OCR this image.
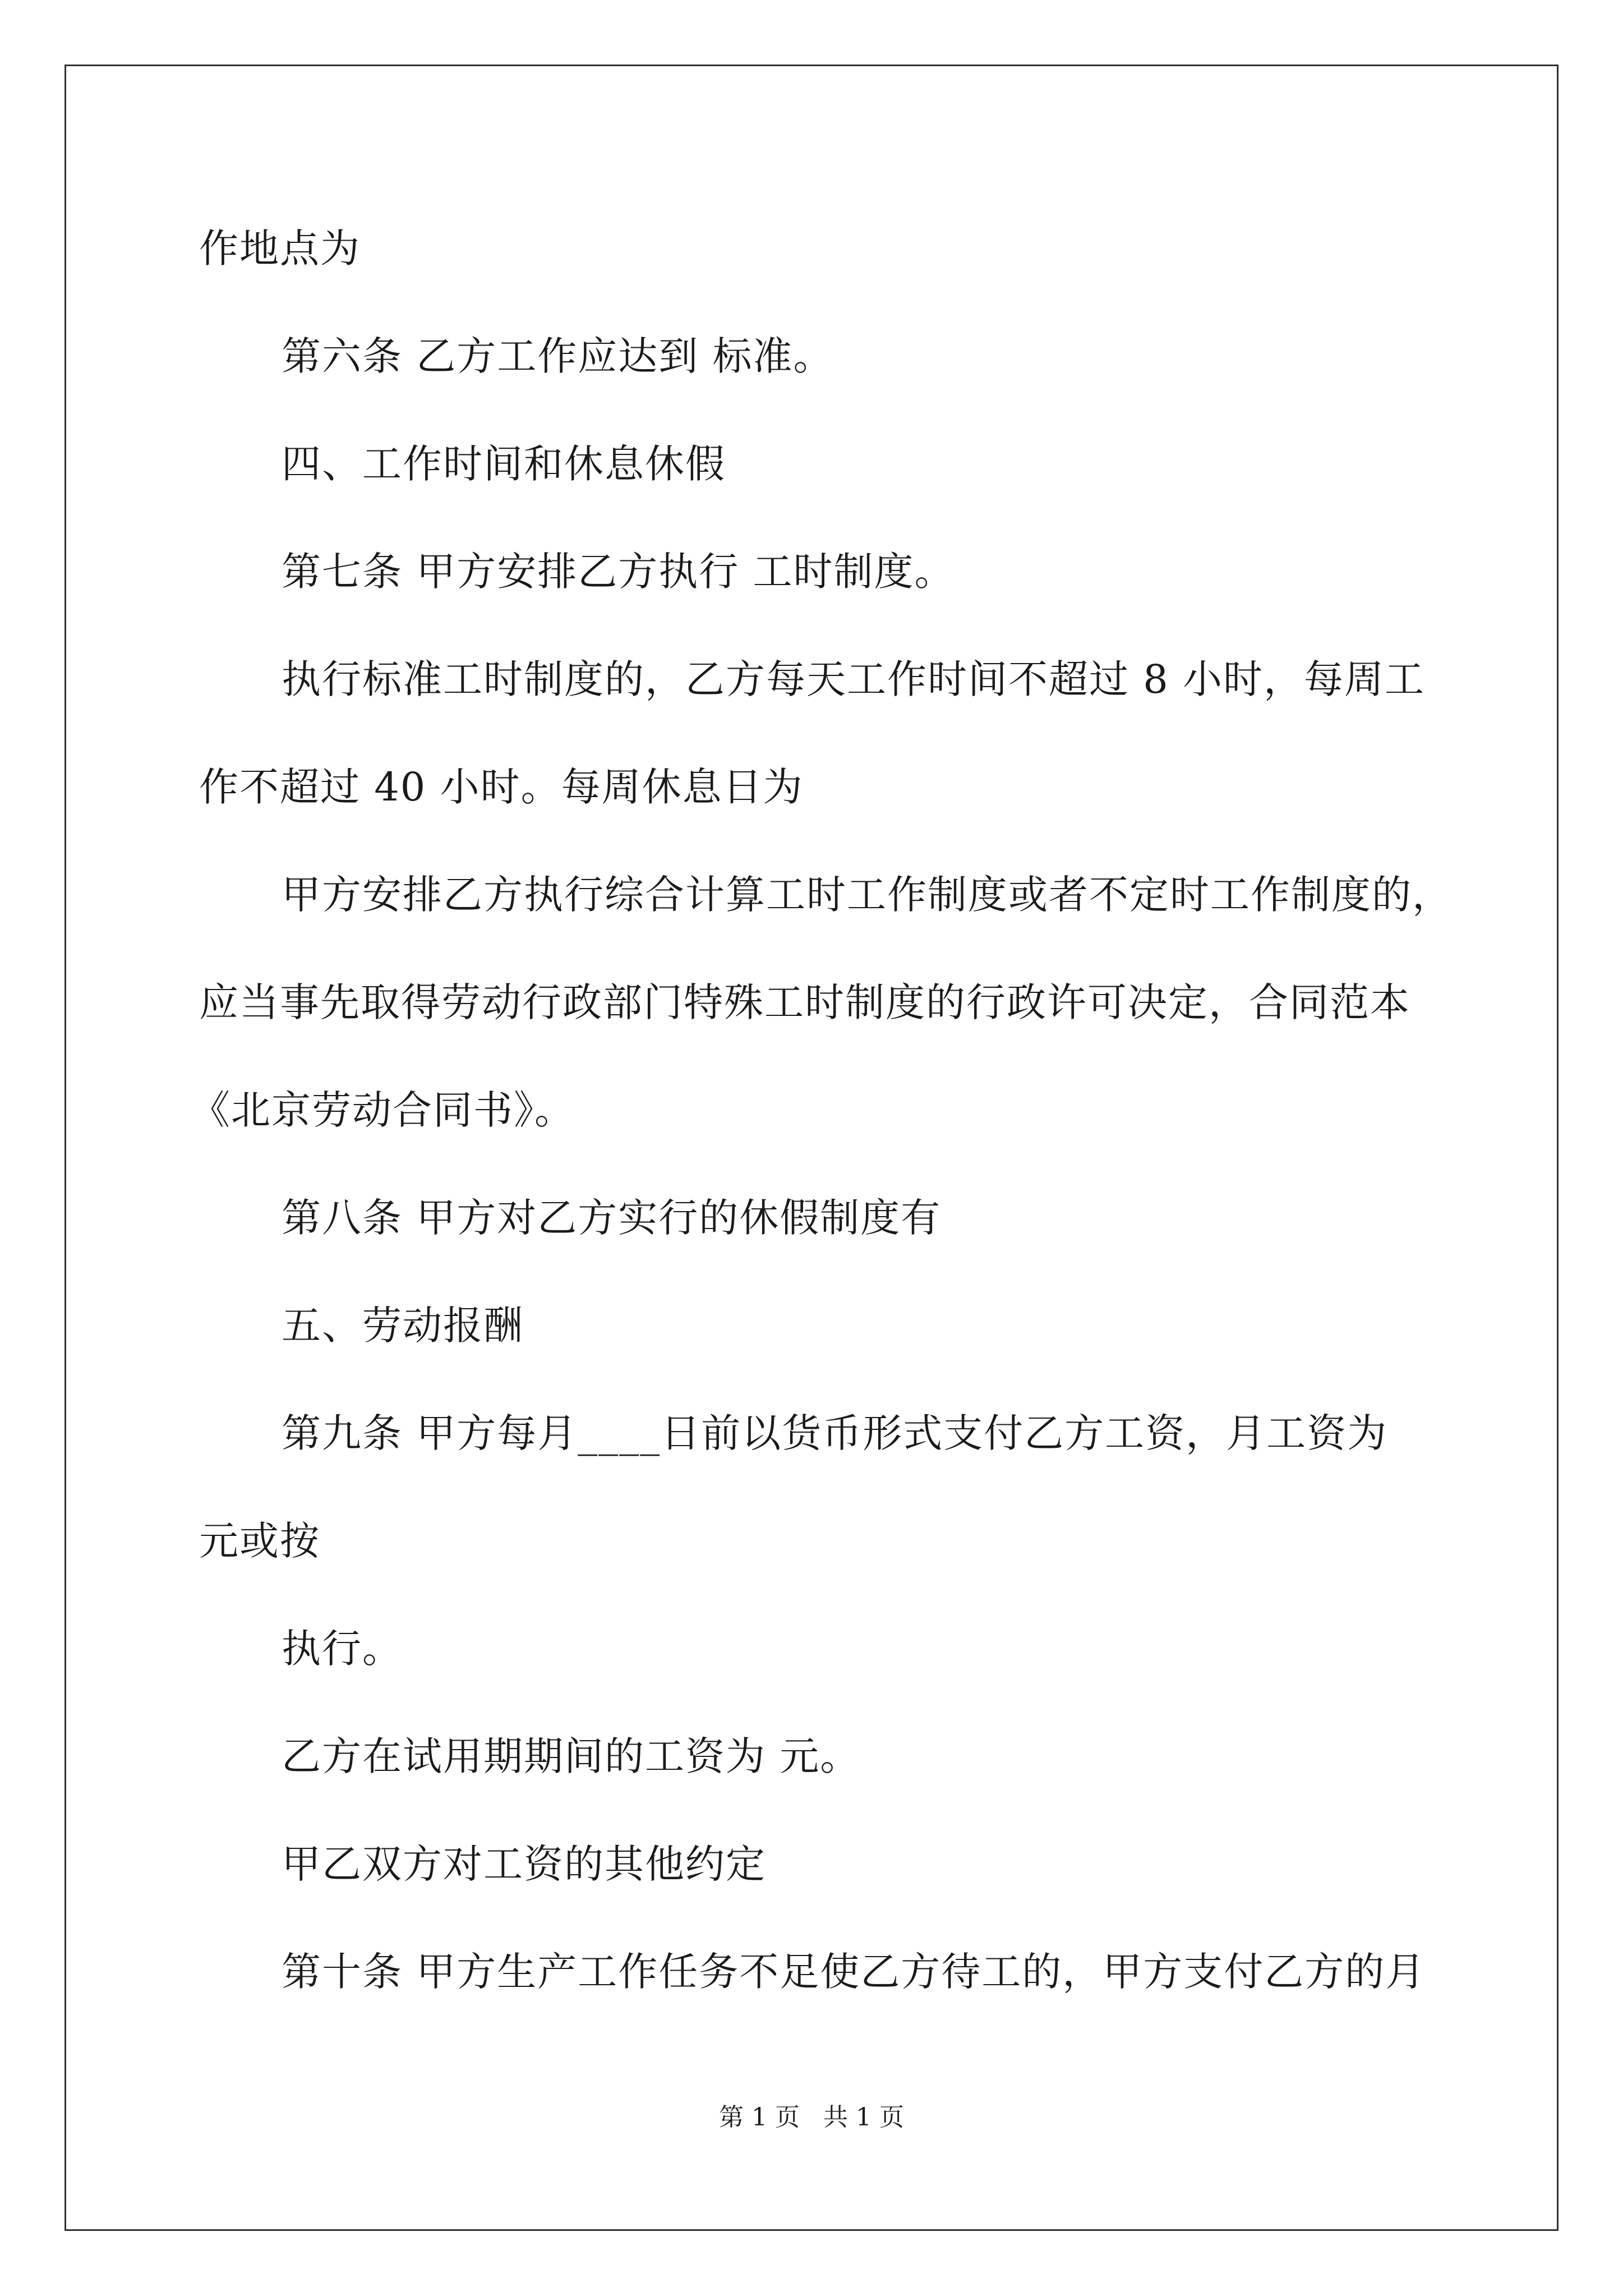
作地点为
第六条 乙方工作应达到 标准。
四、工作时间和休息休假
第七条 甲方安排乙方执行 工时制度。
执行标准工时制度的，乙方每天工作时间不超过 8 小时，每周工
作不超过 40 小时。每周休息日为
甲方安排乙方执行综合计算工时工作制度或者不定时工作制度的，
应当事先取得劳动行政部门特殊工时制度的行政许可决定，合同范本
《北京劳动合同书》。
第八条 甲方对乙方实行的休假制度有
五、劳动报酬
第九条 甲方每月____日前以货币形式支付乙方工资，月工资为
元或按
执行。
乙方在试用期期间的工资为 元。
甲乙双方对工资的其他约定
第十条 甲方生产工作任务不足使乙方待工的，甲方支付乙方的月
第 1 页   共 1 页
